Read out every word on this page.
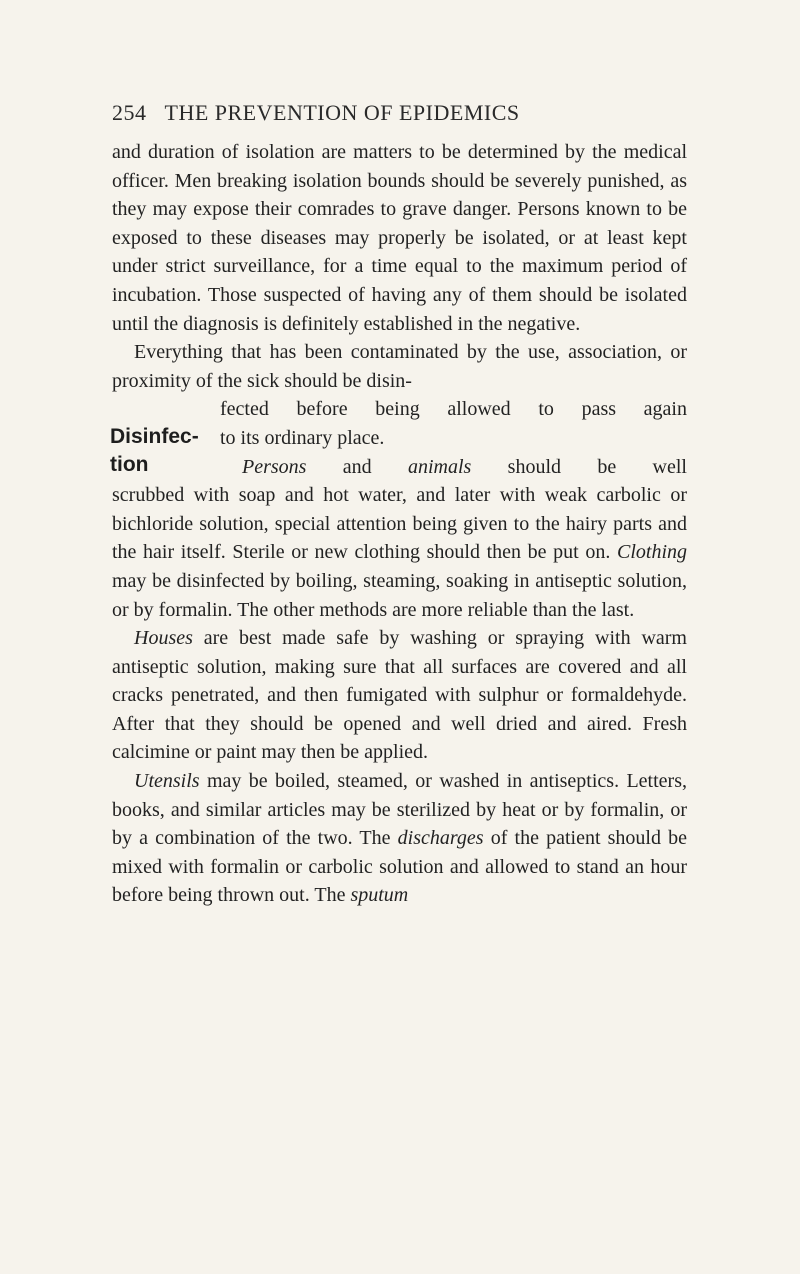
254 THE PREVENTION OF EPIDEMICS

and duration of isolation are matters to be determined by the medical officer. Men breaking isolation bounds should be severely punished, as they may expose their comrades to grave danger. Persons known to be exposed to these diseases may properly be isolated, or at least kept under strict surveillance, for a time equal to the maximum period of incubation. Those suspected of having any of them should be isolated until the diagnosis is definitely established in the negative.

Everything that has been contaminated by the use, association, or proximity of the sick should be disin-

Disinfec-
tion
fected before being allowed to pass again
to its ordinary place.
Persons and animals should be well

scrubbed with soap and hot water, and later with weak carbolic or bichloride solution, special attention being given to the hairy parts and the hair itself. Sterile or new clothing should then be put on. Clothing may be disinfected by boiling, steaming, soaking in antiseptic solution, or by formalin. The other methods are more reliable than the last.

Houses are best made safe by washing or spraying with warm antiseptic solution, making sure that all surfaces are covered and all cracks penetrated, and then fumigated with sulphur or formaldehyde. After that they should be opened and well dried and aired. Fresh calcimine or paint may then be applied.

Utensils may be boiled, steamed, or washed in antiseptics. Letters, books, and similar articles may be sterilized by heat or by formalin, or by a combination of the two. The discharges of the patient should be mixed with formalin or carbolic solution and allowed to stand an hour before being thrown out. The sputum
